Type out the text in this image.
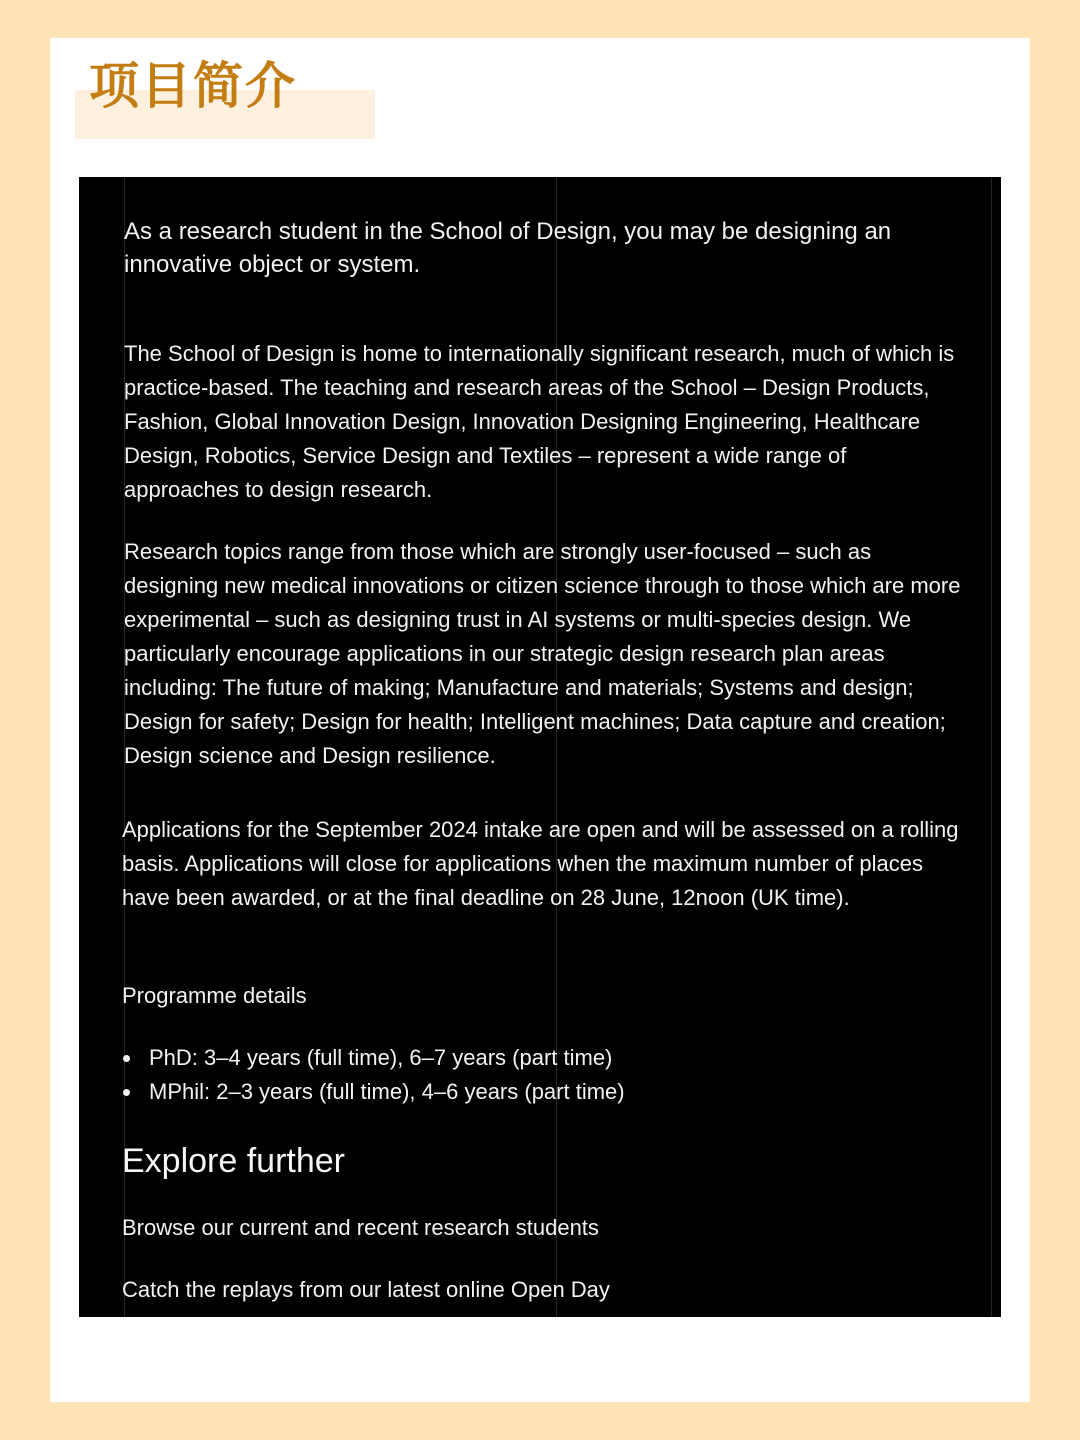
项目简介

As a research student in the School of Design, you may be designing an innovative object or system.

The School of Design is home to internationally significant research, much of which is practice-based. The teaching and research areas of the School – Design Products, Fashion, Global Innovation Design, Innovation Designing Engineering, Healthcare Design, Robotics, Service Design and Textiles – represent a wide range of approaches to design research.

Research topics range from those which are strongly user-focused – such as designing new medical innovations or citizen science through to those which are more experimental – such as designing trust in AI systems or multi-species design. We particularly encourage applications in our strategic design research plan areas including: The future of making; Manufacture and materials; Systems and design; Design for safety; Design for health; Intelligent machines; Data capture and creation; Design science and Design resilience.

Applications for the September 2024 intake are open and will be assessed on a rolling basis. Applications will close for applications when the maximum number of places have been awarded, or at the final deadline on 28 June, 12noon (UK time).

Programme details

PhD: 3–4 years (full time), 6–7 years (part time)
MPhil: 2–3 years (full time), 4–6 years (part time)
Explore further
Browse our current and recent research students
Catch the replays from our latest online Open Day
